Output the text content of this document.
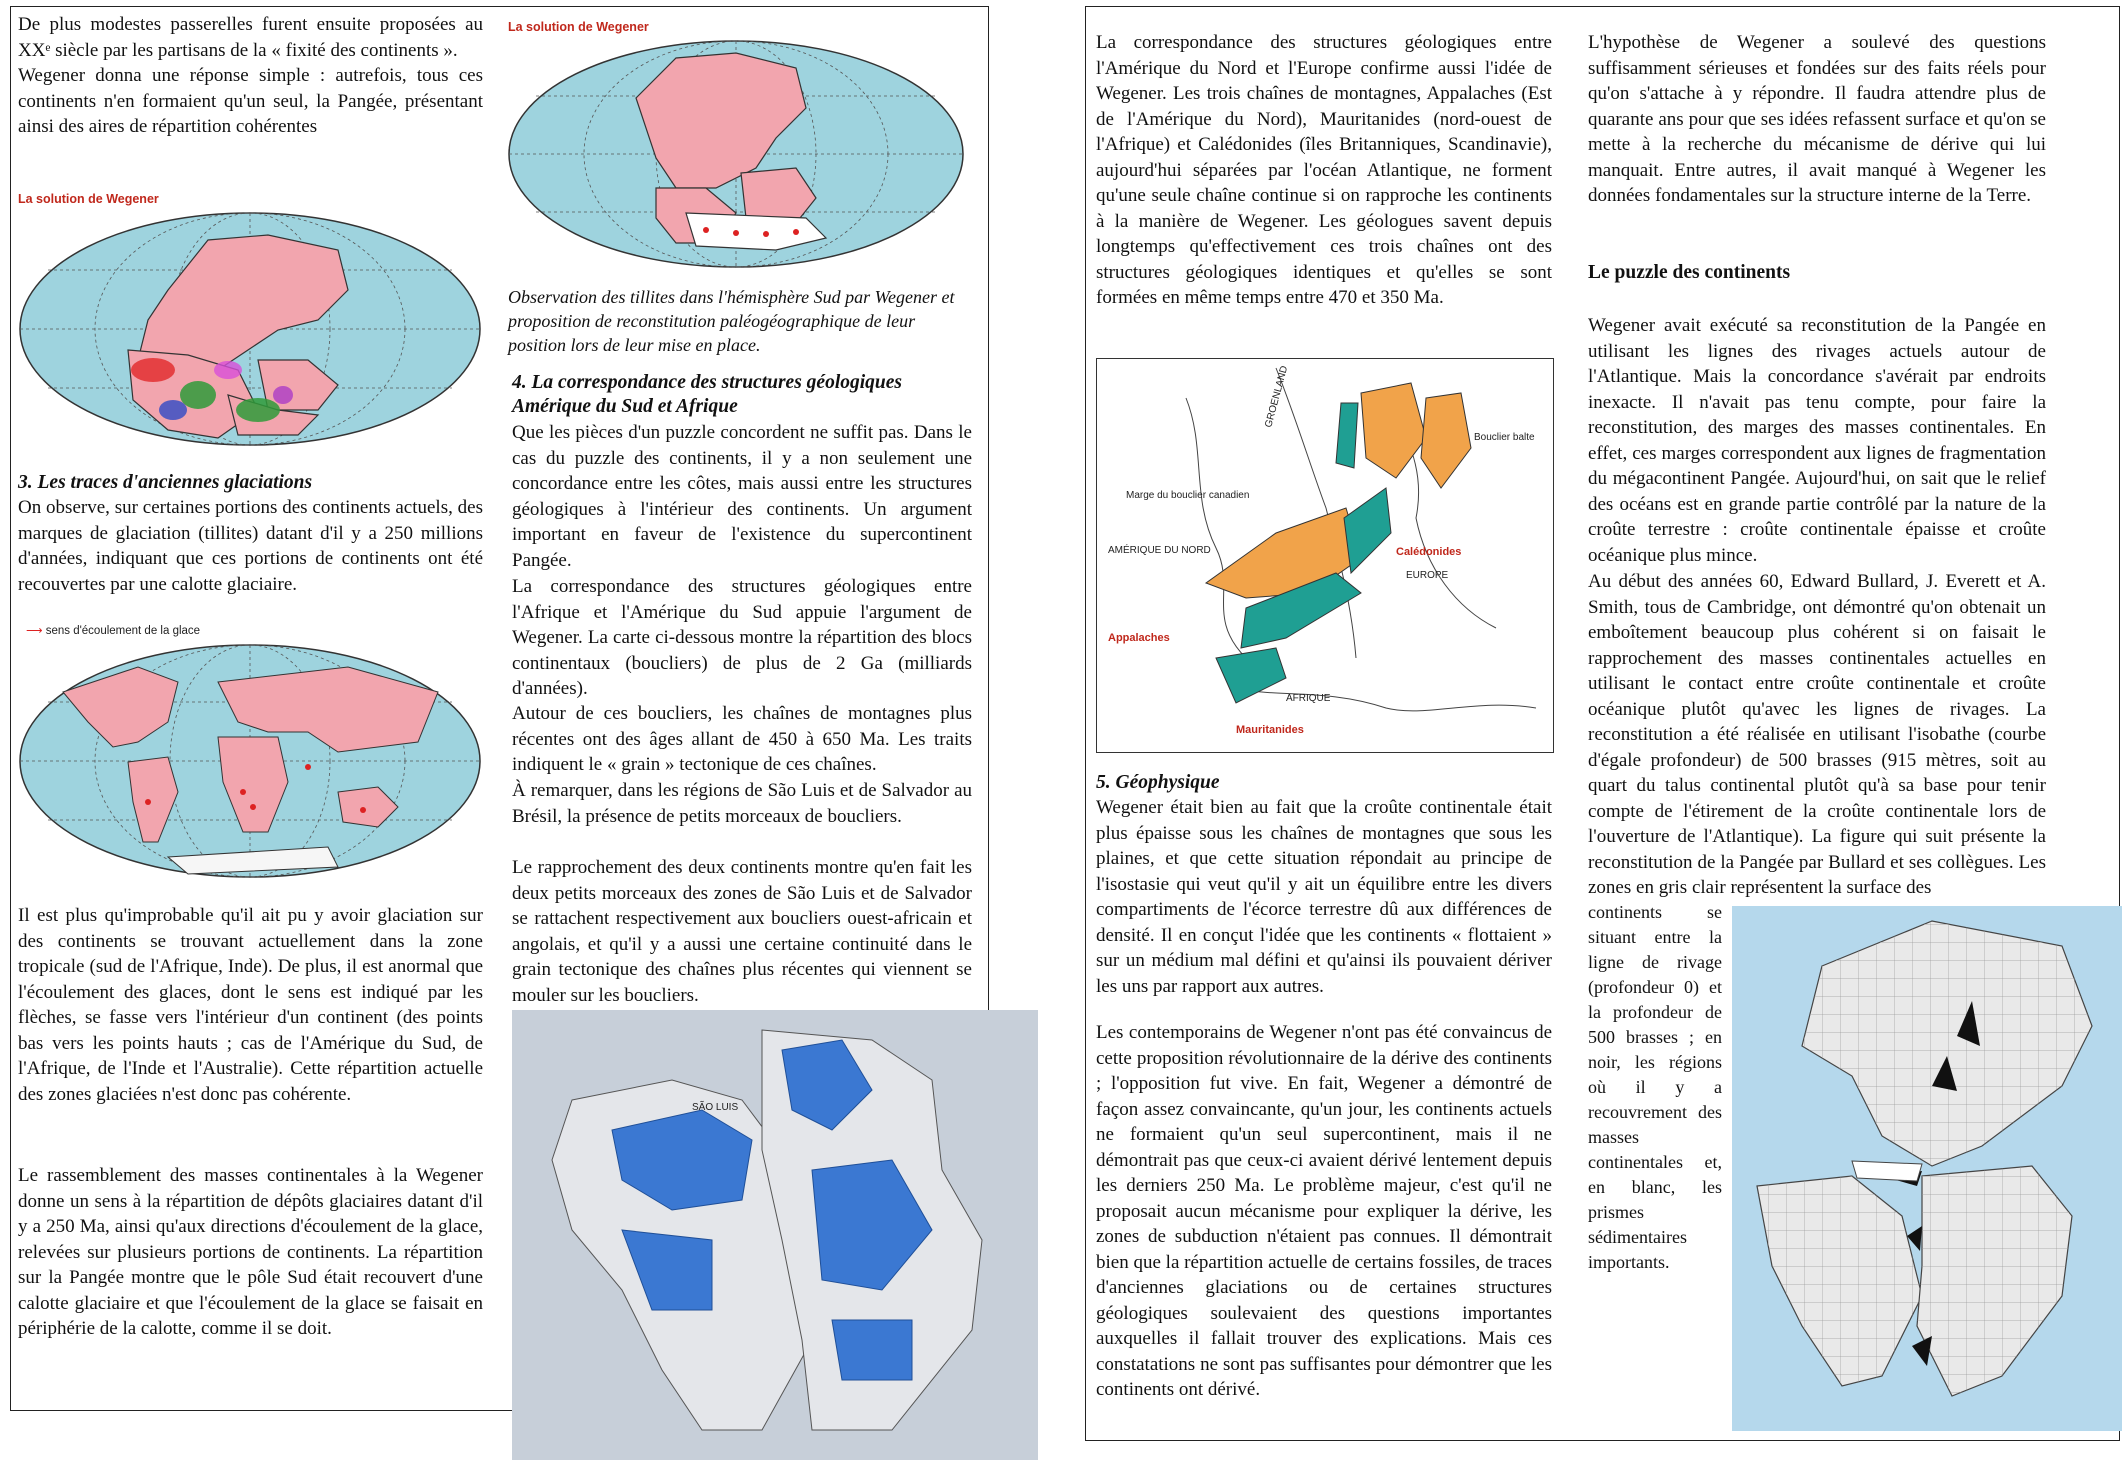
De plus modestes passerelles furent ensuite proposées au XXᵉ siècle par les partisans de la « fixité des continents ».
Wegener donna une réponse simple : autrefois, tous ces continents n'en formaient qu'un seul, la Pangée, présentant ainsi des aires de répartition cohérentes

La solution de Wegener

3. Les traces d'anciennes glaciations

On observe, sur certaines portions des continents actuels, des marques de glaciation (tillites) datant d'il y a 250 millions d'années, indiquant que ces portions de continents ont été recouvertes par une calotte glaciaire.

⟶ sens d'écoulement de la glace

Il est plus qu'improbable qu'il ait pu y avoir glaciation sur des continents se trouvant actuellement dans la zone tropicale (sud de l'Afrique, Inde). De plus, il est anormal que l'écoulement des glaces, dont le sens est indiqué par les flèches, se fasse vers l'intérieur d'un continent (des points bas vers les points hauts ; cas de l'Amérique du Sud, de l'Afrique, de l'Inde et l'Australie). Cette répartition actuelle des zones glaciées n'est donc pas cohérente.

Le rassemblement des masses continentales à la Wegener donne un sens à la répartition de dépôts glaciaires datant d'il y a 250 Ma, ainsi qu'aux directions d'écoulement de la glace, relevées sur plusieurs portions de continents. La répartition sur la Pangée montre que le pôle Sud était recouvert d'une calotte glaciaire et que l'écoulement de la glace se faisait en périphérie de la calotte, comme il se doit.

La solution de Wegener

Observation des tillites dans l'hémisphère Sud par Wegener et proposition de reconstitution paléogéographique de leur position lors de leur mise en place.

4. La correspondance des structures géologiques

Amérique du Sud et Afrique

Que les pièces d'un puzzle concordent ne suffit pas. Dans le cas du puzzle des continents, il y a non seulement une concordance entre les côtes, mais aussi entre les structures géologiques à l'intérieur des continents. Un argument important en faveur de l'existence du supercontinent Pangée.

La correspondance des structures géologiques entre l'Afrique et l'Amérique du Sud appuie l'argument de Wegener. La carte ci-dessous montre la répartition des blocs continentaux (boucliers) de plus de 2 Ga (milliards d'années).

Autour de ces boucliers, les chaînes de montagnes plus récentes ont des âges allant de 450 à 650 Ma. Les traits indiquent le « grain » tectonique de ces chaînes.

À remarquer, dans les régions de São Luis et de Salvador au Brésil, la présence de petits morceaux de boucliers.

Le rapprochement des deux continents montre qu'en fait les deux petits morceaux des zones de São Luis et de Salvador se rattachent respectivement aux boucliers ouest-africain et angolais, et qu'il y a aussi une certaine continuité dans le grain tectonique des chaînes plus récentes qui viennent se mouler sur les boucliers.

SÃO LUIS

La correspondance des structures géologiques entre l'Amérique du Nord et l'Europe confirme aussi l'idée de Wegener. Les trois chaînes de montagnes, Appalaches (Est de l'Amérique du Nord), Mauritanides (nord-ouest de l'Afrique) et Calédonides (îles Britanniques, Scandinavie), aujourd'hui séparées par l'océan Atlantique, ne forment qu'une seule chaîne continue si on rapproche les continents à la manière de Wegener. Les géologues savent depuis longtemps qu'effectivement ces trois chaînes ont des structures géologiques identiques et qu'elles se sont formées en même temps entre 470 et 350 Ma.

GROENLAND
Bouclier balte
Marge du bouclier canadien
AMÉRIQUE DU NORD	Calédonides
EUROPE
Appalaches
AFRIQUE
Mauritanides

5. Géophysique

Wegener était bien au fait que la croûte continentale était plus épaisse sous les chaînes de montagnes que sous les plaines, et que cette situation répondait au principe de l'isostasie qui veut qu'il y ait un équilibre entre les divers compartiments de l'écorce terrestre dû aux différences de densité. Il en conçut l'idée que les continents « flottaient » sur un médium mal défini et qu'ainsi ils pouvaient dériver les uns par rapport aux autres.

Les contemporains de Wegener n'ont pas été convaincus de cette proposition révolutionnaire de la dérive des continents ; l'opposition fut vive. En fait, Wegener a démontré de façon assez convaincante, qu'un jour, les continents actuels ne formaient qu'un seul supercontinent, mais il ne démontrait pas que ceux-ci avaient dérivé lentement depuis les derniers 250 Ma. Le problème majeur, c'est qu'il ne proposait aucun mécanisme pour expliquer la dérive, les zones de subduction n'étaient pas connues. Il démontrait bien que la répartition actuelle de certains fossiles, de traces d'anciennes glaciations ou de certaines structures géologiques soulevaient des questions importantes auxquelles il fallait trouver des explications. Mais ces constatations ne sont pas suffisantes pour démontrer que les continents ont dérivé.

L'hypothèse de Wegener a soulevé des questions suffisamment sérieuses et fondées sur des faits réels pour qu'on s'attache à y répondre. Il faudra attendre plus de quarante ans pour que ses idées refassent surface et qu'on se mette à la recherche du mécanisme de dérive qui lui manquait. Entre autres, il avait manqué à Wegener les données fondamentales sur la structure interne de la Terre.

Le puzzle des continents

Wegener avait exécuté sa reconstitution de la Pangée en utilisant les lignes des rivages actuels autour de l'Atlantique. Mais la concordance s'avérait par endroits inexacte. Il n'avait pas tenu compte, pour faire la reconstitution, des marges des masses continentales. En effet, ces marges correspondent aux lignes de fragmentation du mégacontinent Pangée. Aujourd'hui, on sait que le relief des océans est en grande partie contrôlé par la nature de la croûte terrestre : croûte continentale épaisse et croûte océanique plus mince.

Au début des années 60, Edward Bullard, J. Everett et A. Smith, tous de Cambridge, ont démontré qu'on obtenait un emboîtement beaucoup plus cohérent si on faisait le rapprochement des masses continentales actuelles en utilisant le contact entre croûte continentale et croûte océanique plutôt qu'avec les lignes de rivages. La reconstitution a été réalisée en utilisant l'isobathe (courbe d'égale profondeur) de 500 brasses (915 mètres, soit au quart du talus continental plutôt qu'à sa base pour tenir compte de l'étirement de la croûte continentale lors de l'ouverture de l'Atlantique). La figure qui suit présente la reconstitution de la Pangée par Bullard et ses collègues. Les zones en gris clair représentent la surface des

continents se situant entre la ligne de rivage (profondeur 0) et la profondeur de 500 brasses ; en noir, les régions où il y a recouvrement des masses continentales et, en blanc, les prismes sédimentaires importants.
